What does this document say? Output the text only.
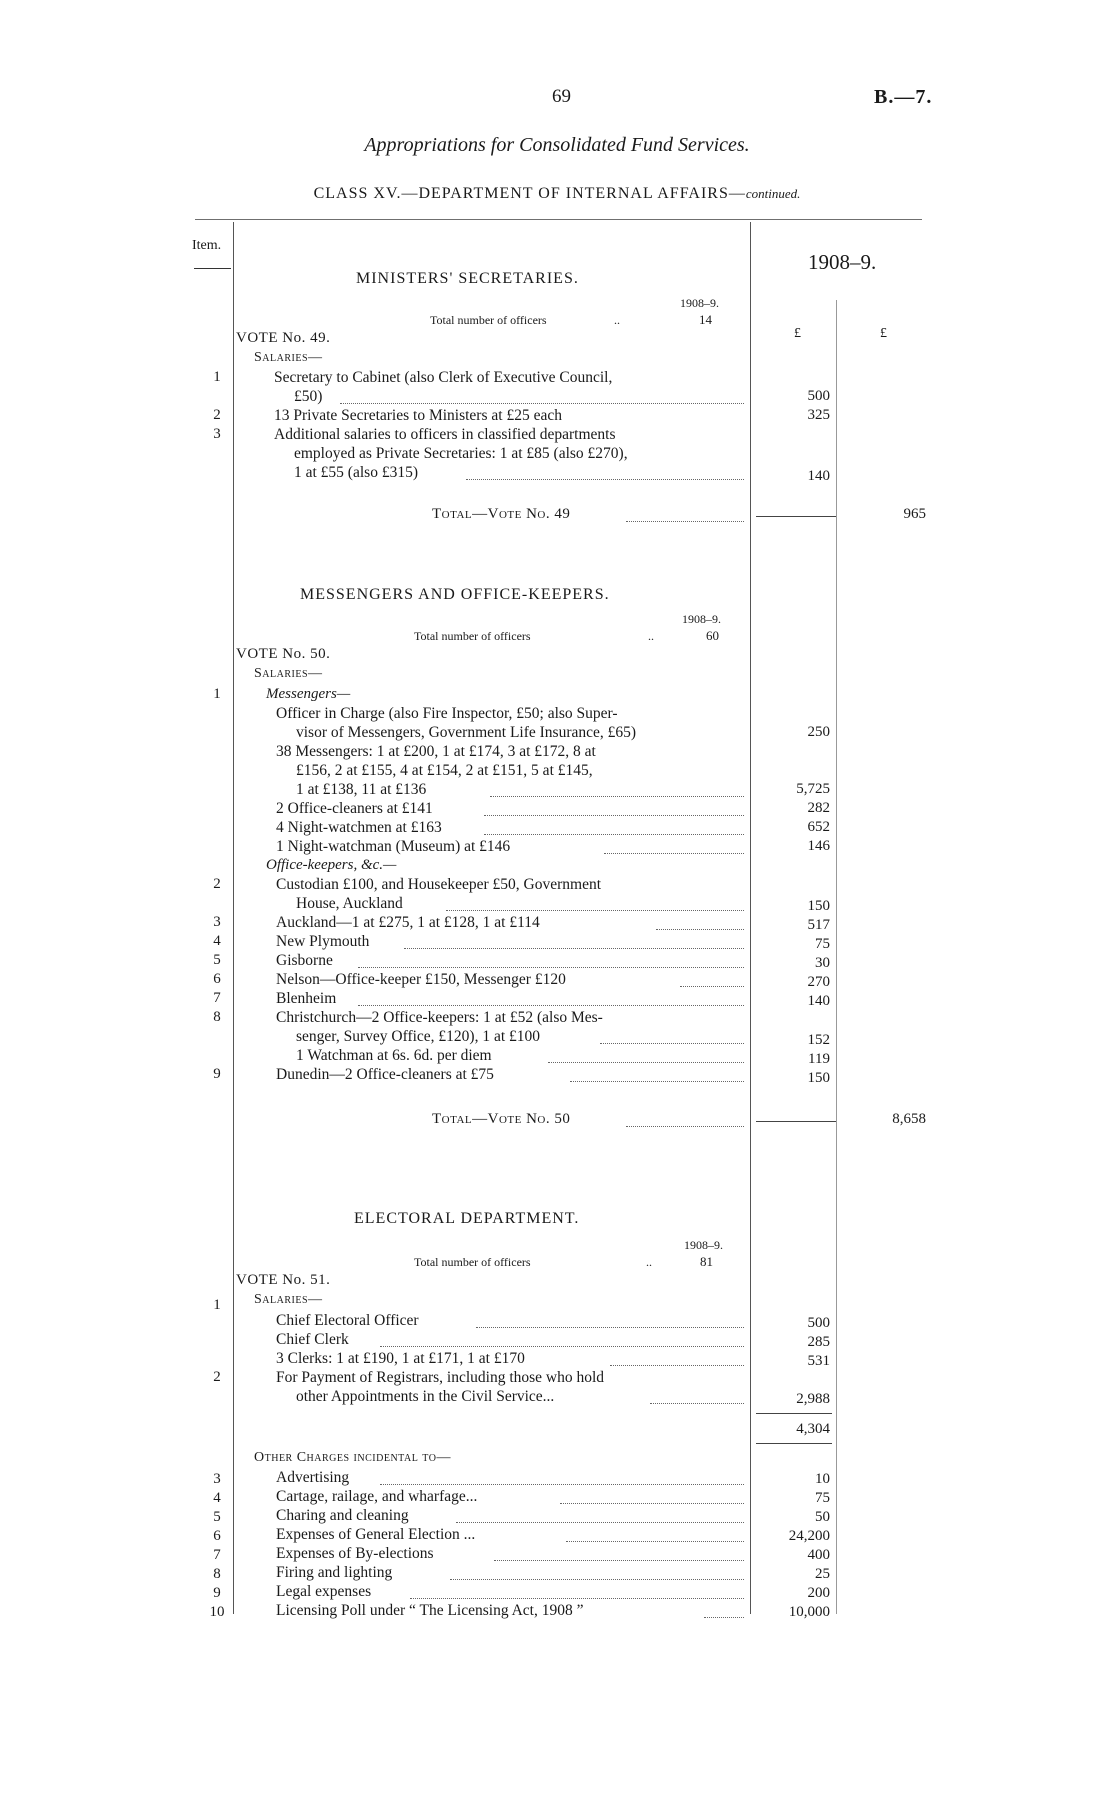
69	B.—7.
Appropriations for Consolidated Fund Services.
CLASS XV.—DEPARTMENT OF INTERNAL AFFAIRS—continued.
Item.
1908–9.
£	£
MINISTERS' SECRETARIES.
1908–9.
Total number of officers	..	14
VOTE No. 49.
Salaries—
1	Secretary to Cabinet (also Clerk of Executive Council,
£50)	500
2	13 Private Secretaries to Ministers at £25 each	325
3	Additional salaries to officers in classified departments
employed as Private Secretaries: 1 at £85 (also £270),
1 at £55 (also £315)	140
Total—Vote No. 49	965
MESSENGERS AND OFFICE-KEEPERS.
1908–9.
Total number of officers	..	60
VOTE No. 50.
Salaries—
1	Messengers—
Officer in Charge (also Fire Inspector, £50; also Super-
visor of Messengers, Government Life Insurance, £65)	250
38 Messengers: 1 at £200, 1 at £174, 3 at £172, 8 at
£156, 2 at £155, 4 at £154, 2 at £151, 5 at £145,
1 at £138, 11 at £136	5,725
2 Office-cleaners at £141	282
4 Night-watchmen at £163	652
1 Night-watchman (Museum) at £146	146
Office-keepers, &c.—
2	Custodian £100, and Housekeeper £50, Government
House, Auckland	150
3	Auckland—1 at £275, 1 at £128, 1 at £114	517
4	New Plymouth	75
5	Gisborne	30
6	Nelson—Office-keeper £150, Messenger £120	270
7	Blenheim	140
8	Christchurch—2 Office-keepers: 1 at £52 (also Mes-
senger, Survey Office, £120), 1 at £100	152
1 Watchman at 6s. 6d. per diem	119
9	Dunedin—2 Office-cleaners at £75	150
Total—Vote No. 50	8,658
ELECTORAL DEPARTMENT.
1908–9.
Total number of officers	..	81
VOTE No. 51.
Salaries—
1
Chief Electoral Officer	500
Chief Clerk	285
3 Clerks: 1 at £190, 1 at £171, 1 at £170	531
2	For Payment of Registrars, including those who hold
other Appointments in the Civil Service...	2,988
4,304
Other Charges incidental to—
3	Advertising	10
4	Cartage, railage, and wharfage...	75
5	Charing and cleaning	50
6	Expenses of General Election ...	24,200
7	Expenses of By-elections	400
8	Firing and lighting	25
9	Legal expenses	200
10	Licensing Poll under “ The Licensing Act, 1908 ”	10,000
